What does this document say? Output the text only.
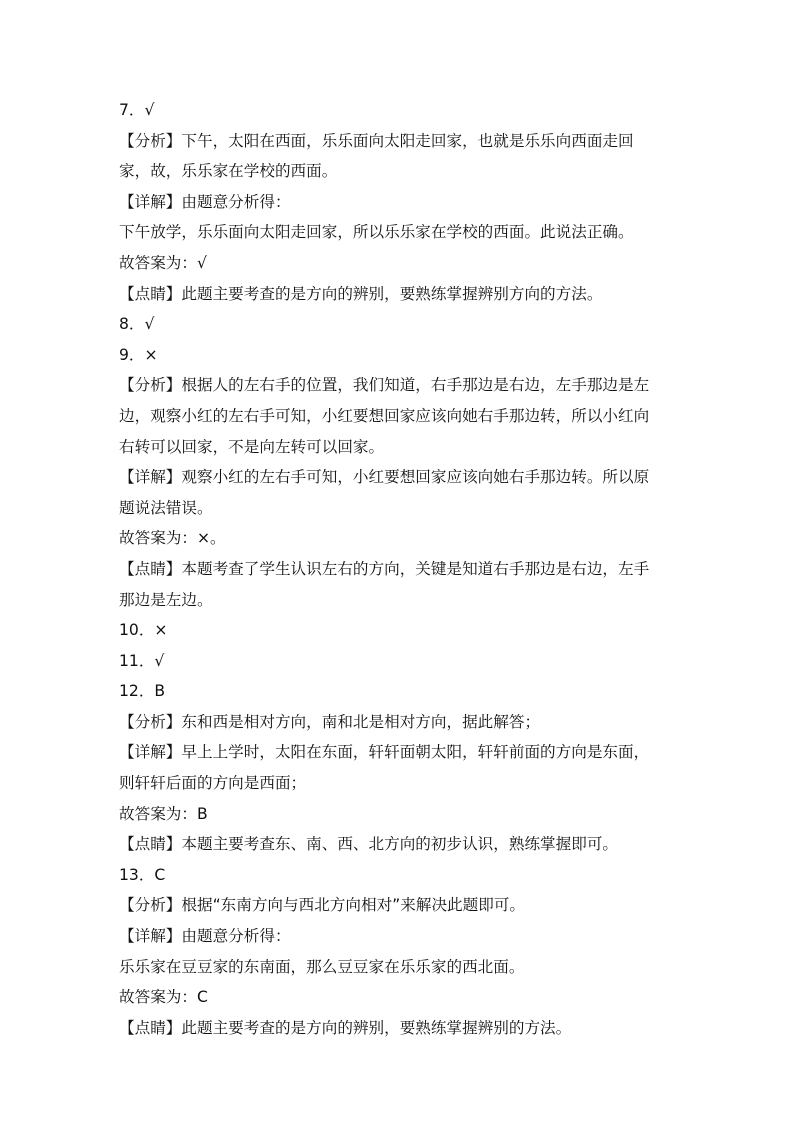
7．√

【分析】下午，太阳在西面，乐乐面向太阳走回家，也就是乐乐向西面走回

家，故，乐乐家在学校的西面。

【详解】由题意分析得：

下午放学，乐乐面向太阳走回家，所以乐乐家在学校的西面。此说法正确。

故答案为：√

【点睛】此题主要考查的是方向的辨别，要熟练掌握辨别方向的方法。

8．√

9．×

【分析】根据人的左右手的位置，我们知道，右手那边是右边，左手那边是左

边，观察小红的左右手可知，小红要想回家应该向她右手那边转，所以小红向

右转可以回家，不是向左转可以回家。

【详解】观察小红的左右手可知，小红要想回家应该向她右手那边转。所以原

题说法错误。

故答案为：×。

【点睛】本题考查了学生认识左右的方向，关键是知道右手那边是右边，左手

那边是左边。

10．×

11．√

12．B

【分析】东和西是相对方向，南和北是相对方向，据此解答；

【详解】早上上学时，太阳在东面，轩轩面朝太阳，轩轩前面的方向是东面，

则轩轩后面的方向是西面；

故答案为：B

【点睛】本题主要考查东、南、西、北方向的初步认识，熟练掌握即可。

13．C

【分析】根据“东南方向与西北方向相对”来解决此题即可。

【详解】由题意分析得：

乐乐家在豆豆家的东南面，那么豆豆家在乐乐家的西北面。

故答案为：C

【点睛】此题主要考查的是方向的辨别，要熟练掌握辨别的方法。
